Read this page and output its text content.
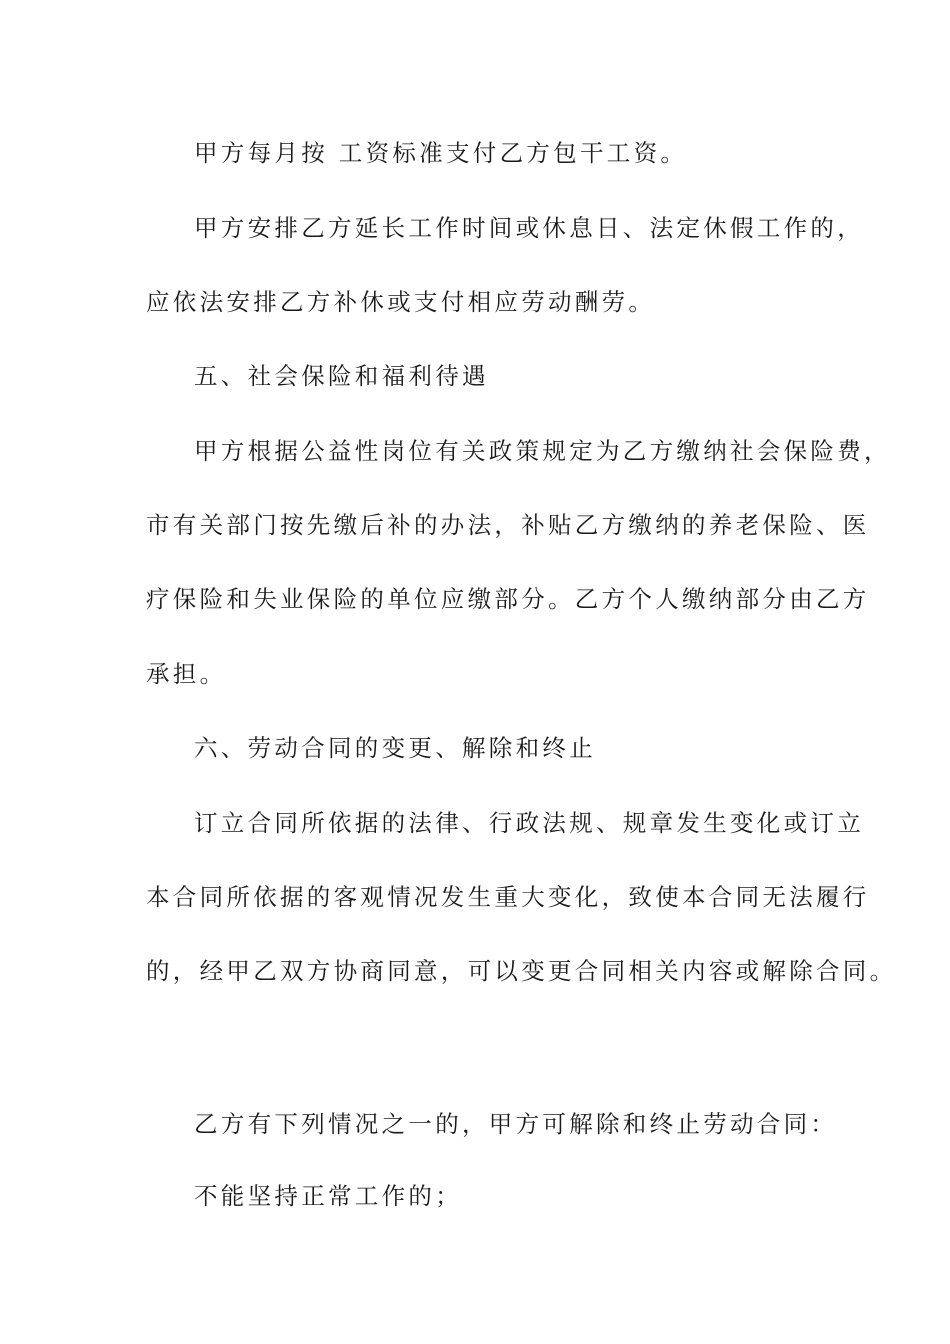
甲方每月按 工资标准支付乙方包干工资。
甲方安排乙方延长工作时间或休息日、法定休假工作的，
应依法安排乙方补休或支付相应劳动酬劳。
五、社会保险和福利待遇
甲方根据公益性岗位有关政策规定为乙方缴纳社会保险费，
市有关部门按先缴后补的办法，补贴乙方缴纳的养老保险、医
疗保险和失业保险的单位应缴部分。乙方个人缴纳部分由乙方
承担。
六、劳动合同的变更、解除和终止
订立合同所依据的法律、行政法规、规章发生变化或订立
本合同所依据的客观情况发生重大变化，致使本合同无法履行
的，经甲乙双方协商同意，可以变更合同相关内容或解除合同。
乙方有下列情况之一的，甲方可解除和终止劳动合同：
不能坚持正常工作的；
